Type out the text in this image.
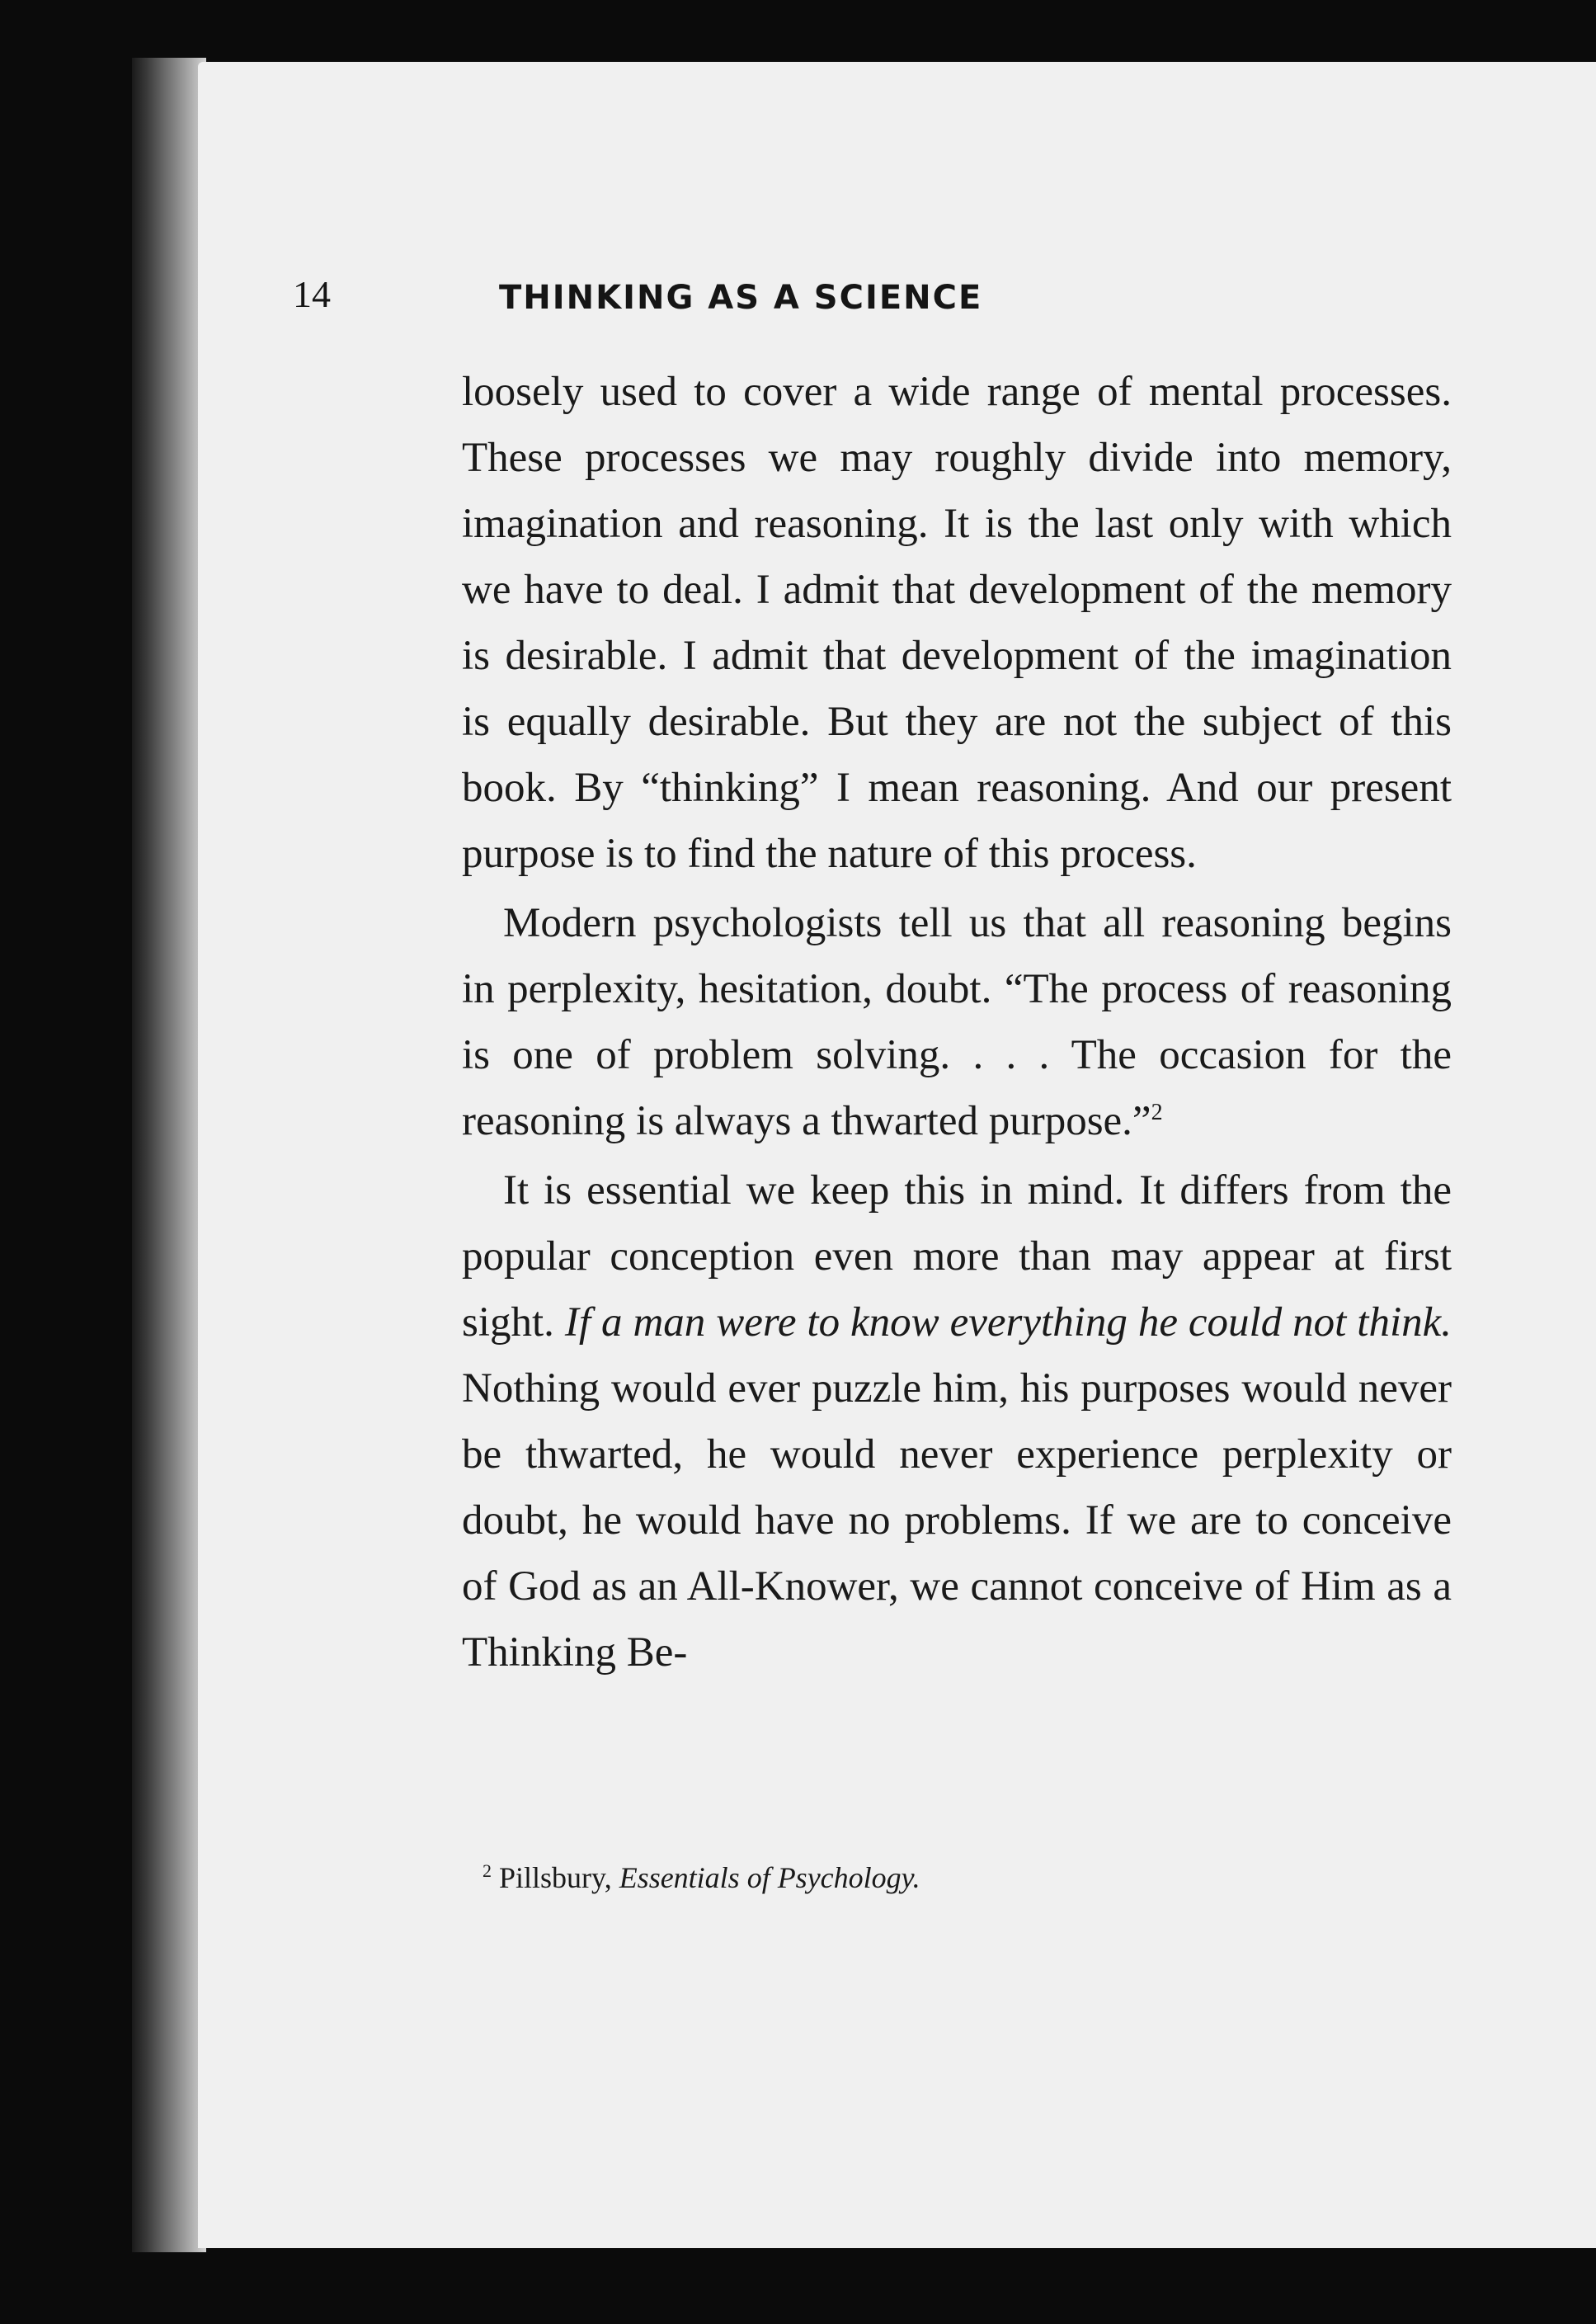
14	THINKING AS A SCIENCE

loosely used to cover a wide range of mental processes. These processes we may roughly divide into memory, imagination and reasoning. It is the last only with which we have to deal. I admit that development of the memory is desirable. I admit that development of the imagination is equally desirable. But they are not the subject of this book. By “thinking” I mean reasoning. And our present purpose is to find the nature of this process.

Modern psychologists tell us that all reasoning begins in perplexity, hesitation, doubt. “The process of reasoning is one of problem solving. . . . The occasion for the reasoning is always a thwarted purpose.”$^2$

It is essential we keep this in mind. It differs from the popular conception even more than may appear at first sight. If a man were to know everything he could not think. Nothing would ever puzzle him, his purposes would never be thwarted, he would never experience perplexity or doubt, he would have no problems. If we are to conceive of God as an All-Knower, we cannot conceive of Him as a Thinking Be-

$^2$ Pillsbury, Essentials of Psychology.
